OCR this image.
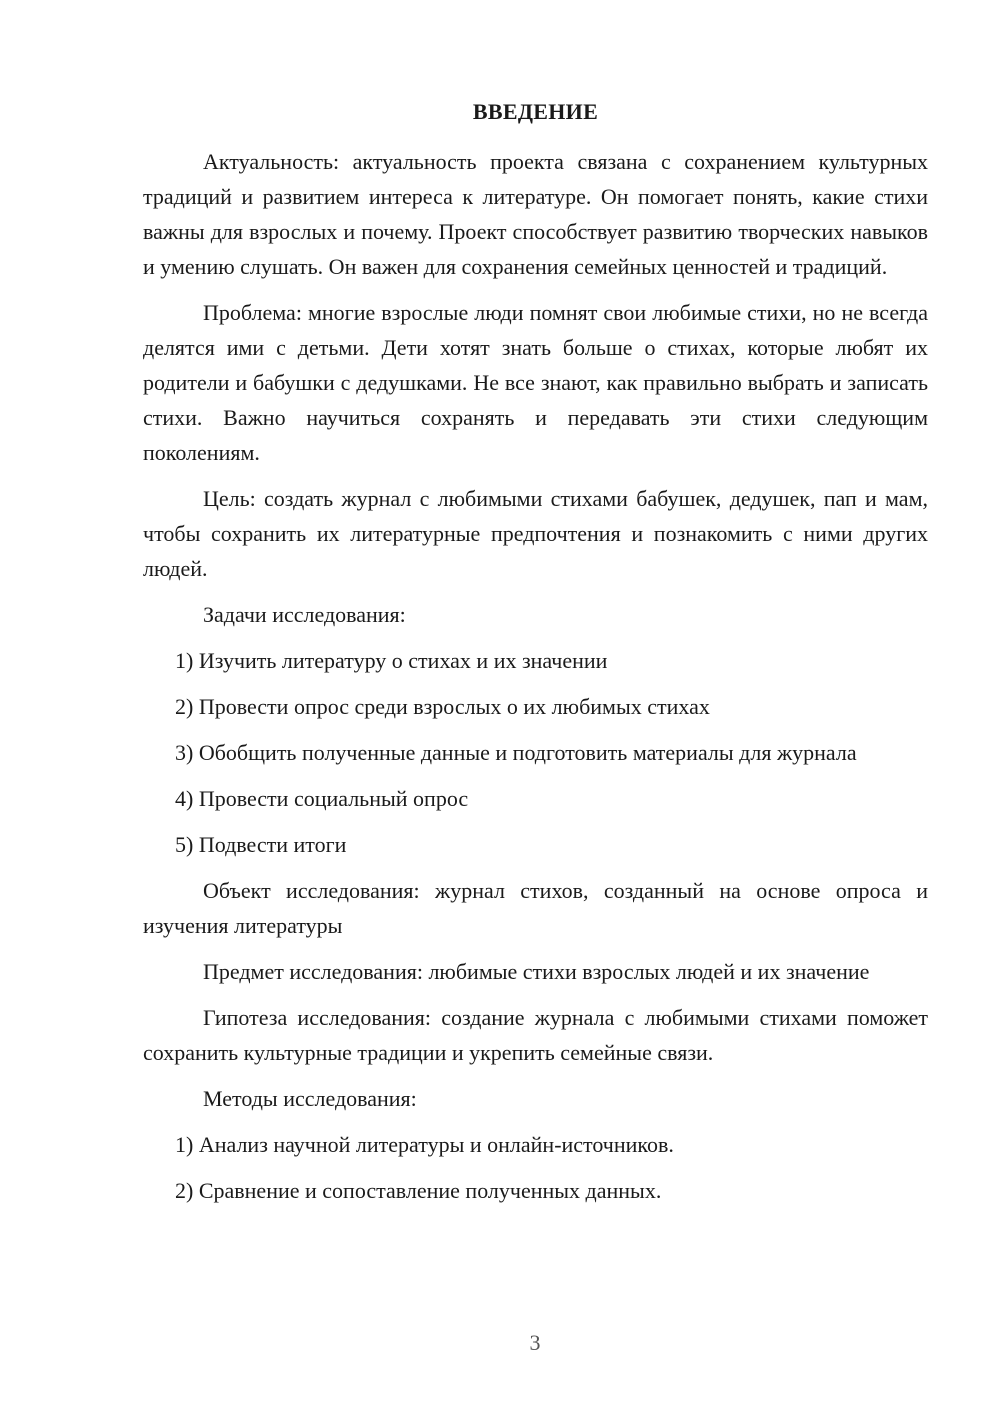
ВВЕДЕНИЕ

Актуальность: актуальность проекта связана с сохранением культурных традиций и развитием интереса к литературе. Он помогает понять, какие стихи важны для взрослых и почему. Проект способствует развитию творческих навыков и умению слушать. Он важен для сохранения семейных ценностей и традиций.

Проблема: многие взрослые люди помнят свои любимые стихи, но не всегда делятся ими с детьми. Дети хотят знать больше о стихах, которые любят их родители и бабушки с дедушками. Не все знают, как правильно выбрать и записать стихи. Важно научиться сохранять и передавать эти стихи следующим поколениям.

Цель: создать журнал с любимыми стихами бабушек, дедушек, пап и мам, чтобы сохранить их литературные предпочтения и познакомить с ними других людей.

Задачи исследования:

1) Изучить литературу о стихах и их значении

2) Провести опрос среди взрослых о их любимых стихах

3) Обобщить полученные данные и подготовить материалы для журнала

4) Провести социальный опрос

5) Подвести итоги

Объект исследования: журнал стихов, созданный на основе опроса и изучения литературы

Предмет исследования: любимые стихи взрослых людей и их значение

Гипотеза исследования: создание журнала с любимыми стихами поможет сохранить культурные традиции и укрепить семейные связи.

Методы исследования:

1) Анализ научной литературы и онлайн-источников.

2) Сравнение и сопоставление полученных данных.

3
